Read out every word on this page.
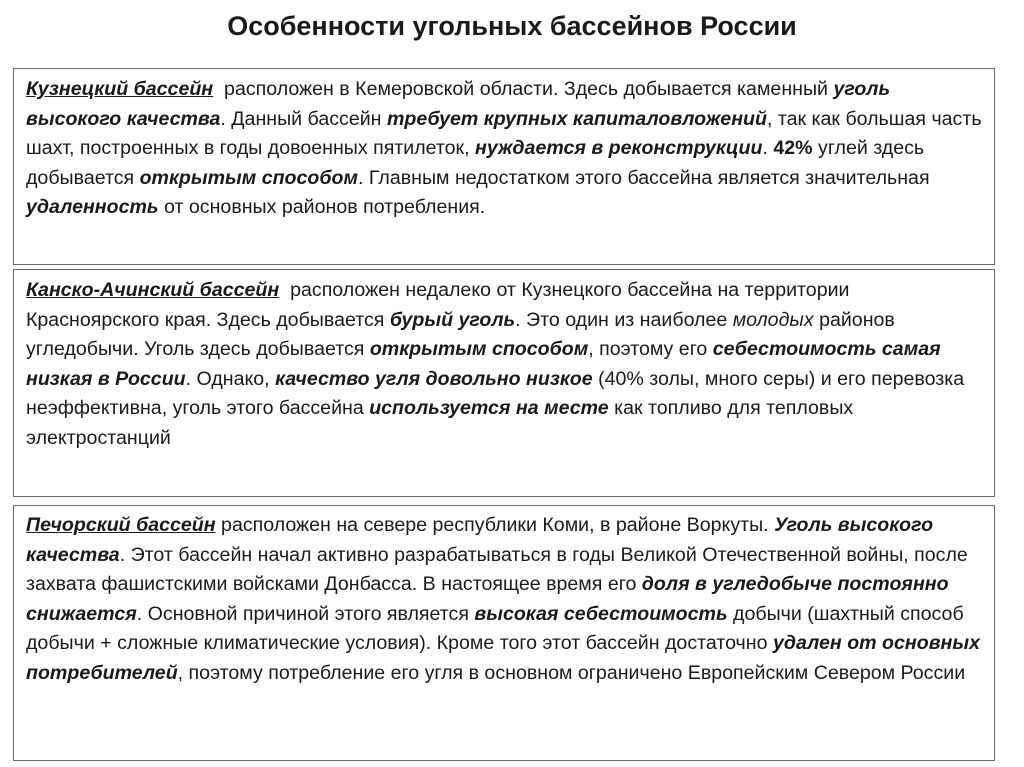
Особенности угольных бассейнов России
Кузнецкий бассейн  расположен в Кемеровской области. Здесь добывается каменный уголь высокого качества. Данный бассейн требует крупных капиталовложений, так как большая часть шахт, построенных в годы довоенных пятилеток, нуждается в реконструкции. 42% углей здесь добывается открытым способом. Главным недостатком этого бассейна является значительная удаленность от основных районов потребления.
Канско-Ачинский бассейн  расположен недалеко от Кузнецкого бассейна на территории Красноярского края. Здесь добывается бурый уголь. Это один из наиболее молодых районов угледобычи. Уголь здесь добывается открытым способом, поэтому его себестоимость самая низкая в России. Однако, качество угля довольно низкое (40% золы, много серы) и его перевозка неэффективна, уголь этого бассейна используется на месте как топливо для тепловых электростанций
Печорский бассейн расположен на севере республики Коми, в районе Воркуты. Уголь высокого качества. Этот бассейн начал активно разрабатываться в годы Великой Отечественной войны, после захвата фашистскими войсками Донбасса. В настоящее время его доля в угледобыче постоянно снижается. Основной причиной этого является высокая себестоимость добычи (шахтный способ добычи + сложные климатические условия). Кроме того этот бассейн достаточно удален от основных потребителей, поэтому потребление его угля в основном ограничено Европейским Севером России
